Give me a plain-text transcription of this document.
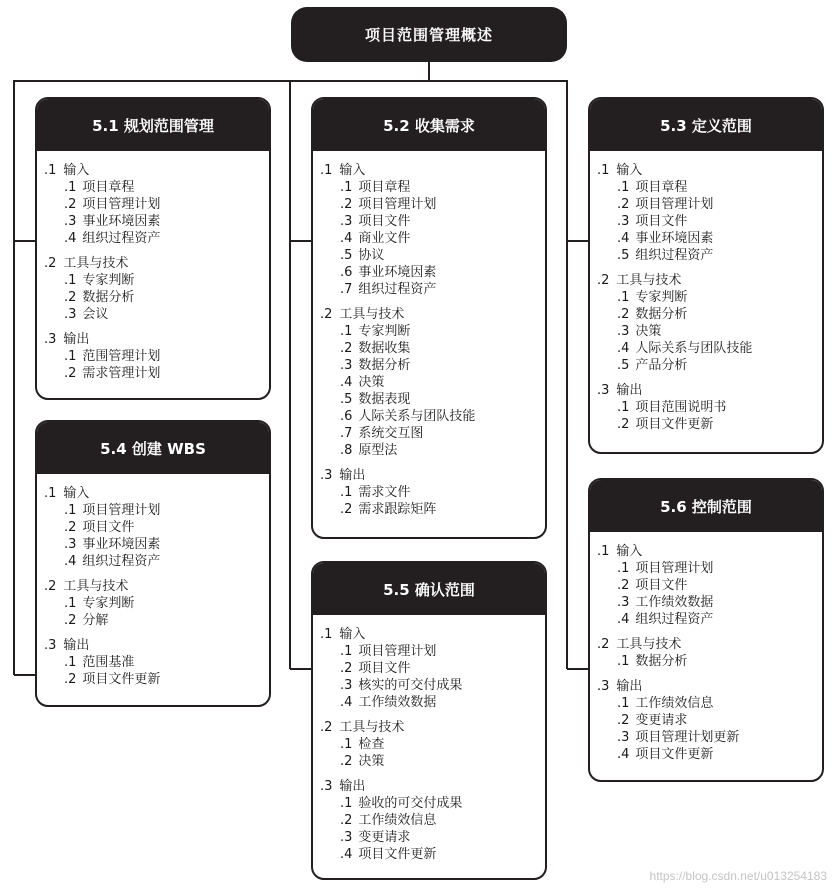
项目范围管理概述
5.1 规划范围管理
.1 输入
.1 项目章程
.2 项目管理计划
.3 事业环境因素
.4 组织过程资产
.2 工具与技术
.1 专家判断
.2 数据分析
.3 会议
.3 输出
.1 范围管理计划
.2 需求管理计划
5.2 收集需求
.1 输入
.1 项目章程
.2 项目管理计划
.3 项目文件
.4 商业文件
.5 协议
.6 事业环境因素
.7 组织过程资产
.2 工具与技术
.1 专家判断
.2 数据收集
.3 数据分析
.4 决策
.5 数据表现
.6 人际关系与团队技能
.7 系统交互图
.8 原型法
.3 输出
.1 需求文件
.2 需求跟踪矩阵
5.3 定义范围
.1 输入
.1 项目章程
.2 项目管理计划
.3 项目文件
.4 事业环境因素
.5 组织过程资产
.2 工具与技术
.1 专家判断
.2 数据分析
.3 决策
.4 人际关系与团队技能
.5 产品分析
.3 输出
.1 项目范围说明书
.2 项目文件更新
5.4 创建 WBS
.1 输入
.1 项目管理计划
.2 项目文件
.3 事业环境因素
.4 组织过程资产
.2 工具与技术
.1 专家判断
.2 分解
.3 输出
.1 范围基准
.2 项目文件更新
5.5 确认范围
.1 输入
.1 项目管理计划
.2 项目文件
.3 核实的可交付成果
.4 工作绩效数据
.2 工具与技术
.1 检查
.2 决策
.3 输出
.1 验收的可交付成果
.2 工作绩效信息
.3 变更请求
.4 项目文件更新
5.6 控制范围
.1 输入
.1 项目管理计划
.2 项目文件
.3 工作绩效数据
.4 组织过程资产
.2 工具与技术
.1 数据分析
.3 输出
.1 工作绩效信息
.2 变更请求
.3 项目管理计划更新
.4 项目文件更新
https://blog.csdn.net/u013254183
